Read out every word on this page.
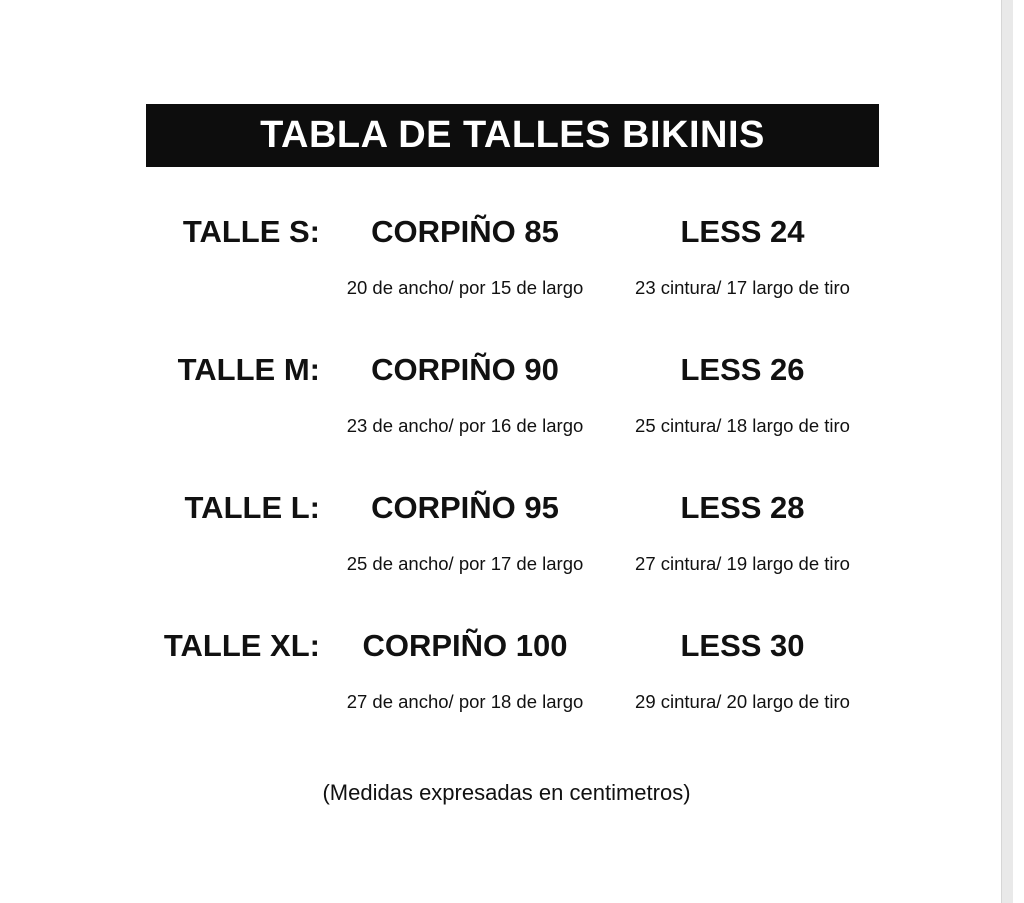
TABLA DE TALLES BIKINIS
TALLE S:	CORPIÑO 85	LESS 24
20 de ancho/ por 15 de largo	23 cintura/ 17 largo de tiro
TALLE M:	CORPIÑO 90	LESS 26
23 de ancho/ por 16 de largo	25 cintura/ 18 largo de tiro
TALLE L:	CORPIÑO 95	LESS 28
25 de ancho/ por 17 de largo	27 cintura/ 19 largo de tiro
TALLE XL:	CORPIÑO 100	LESS 30
27 de ancho/ por 18 de largo	29 cintura/ 20 largo de tiro
(Medidas expresadas en centimetros)
